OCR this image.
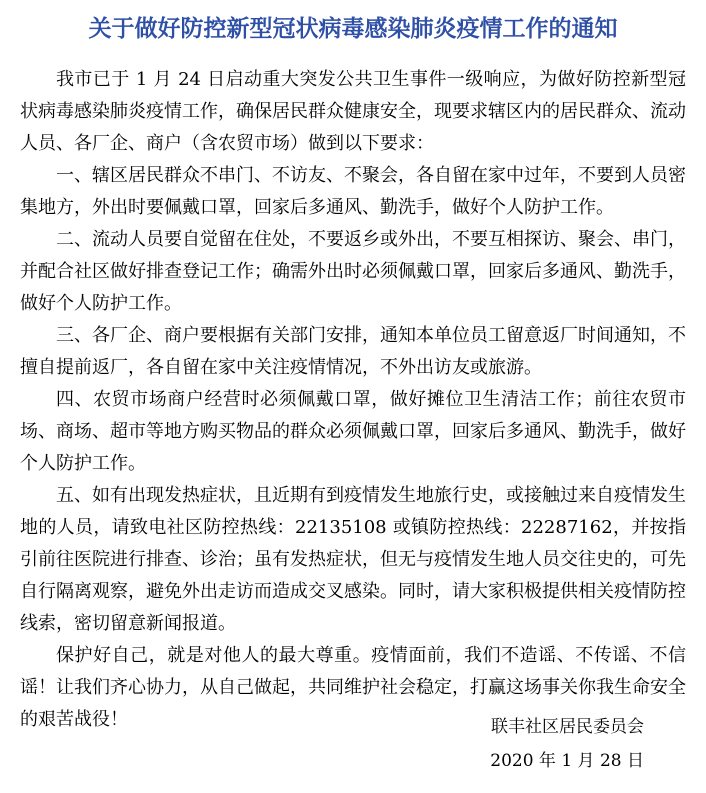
关于做好防控新型冠状病毒感染肺炎疫情工作的通知

我市已于 1 月 24 日启动重大突发公共卫生事件一级响应，为做好防控新型冠状病毒感染肺炎疫情工作，确保居民群众健康安全，现要求辖区内的居民群众、流动人员、各厂企、商户（含农贸市场）做到以下要求：

一、辖区居民群众不串门、不访友、不聚会，各自留在家中过年，不要到人员密集地方，外出时要佩戴口罩，回家后多通风、勤洗手，做好个人防护工作。

二、流动人员要自觉留在住处，不要返乡或外出，不要互相探访、聚会、串门，并配合社区做好排查登记工作；确需外出时必须佩戴口罩，回家后多通风、勤洗手，做好个人防护工作。

三、各厂企、商户要根据有关部门安排，通知本单位员工留意返厂时间通知，不擅自提前返厂，各自留在家中关注疫情情况，不外出访友或旅游。

四、农贸市场商户经营时必须佩戴口罩，做好摊位卫生清洁工作；前往农贸市场、商场、超市等地方购买物品的群众必须佩戴口罩，回家后多通风、勤洗手，做好个人防护工作。

五、如有出现发热症状，且近期有到疫情发生地旅行史，或接触过来自疫情发生地的人员，请致电社区防控热线：22135108 或镇防控热线：22287162，并按指引前往医院进行排查、诊治；虽有发热症状，但无与疫情发生地人员交往史的，可先自行隔离观察，避免外出走访而造成交叉感染。同时，请大家积极提供相关疫情防控线索，密切留意新闻报道。

保护好自己，就是对他人的最大尊重。疫情面前，我们不造谣、不传谣、不信谣！让我们齐心协力，从自己做起，共同维护社会稳定，打赢这场事关你我生命安全的艰苦战役！	联丰社区居民委员会
2020 年 1 月 28 日
